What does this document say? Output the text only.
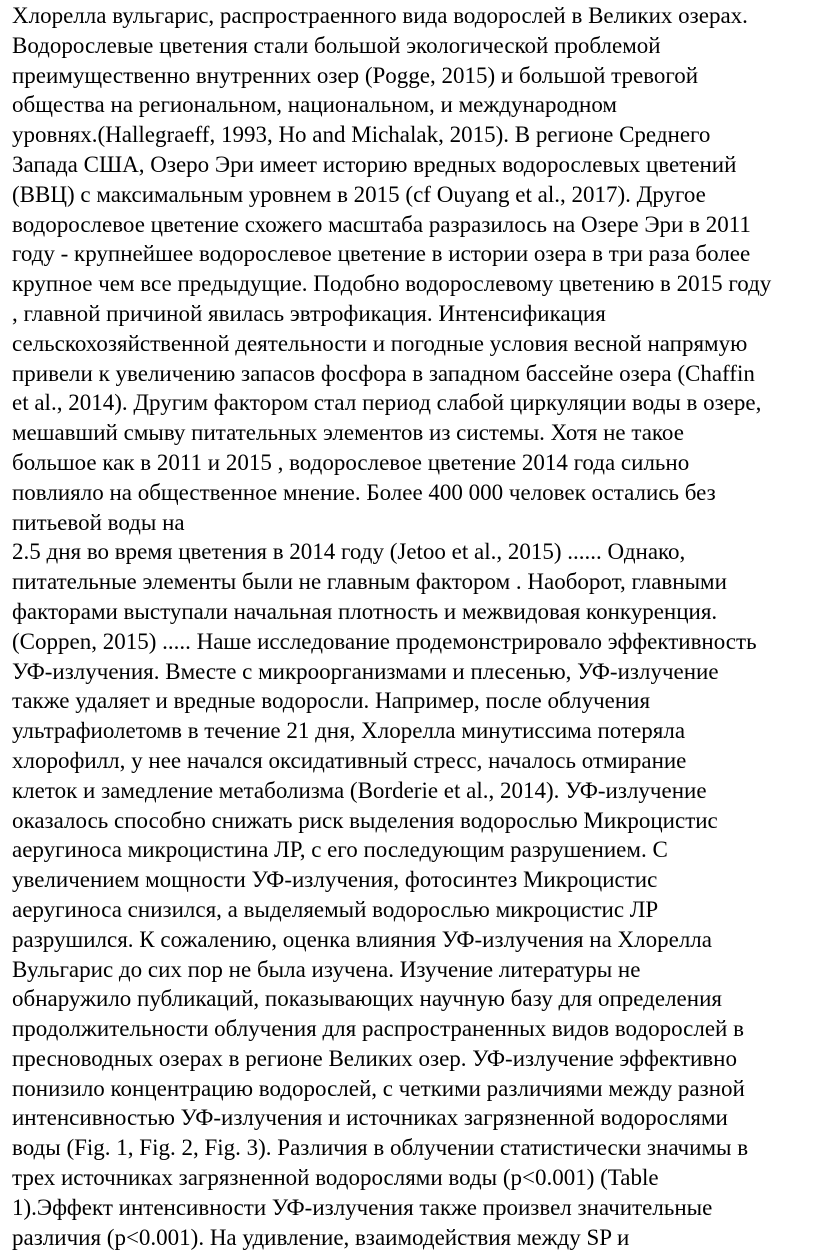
Хлорелла вульгарис, распростраенного вида водорослей в Великих озерах.
Водорослевые цветения стали большой экологической проблемой
преимущественно внутренних озер (Pogge, 2015) и большой тревогой
общества на региональном, национальном, и международном
уровнях.(Hallegraeff, 1993, Ho and Michalak, 2015). В регионе Среднего
Запада США, Озеро Эри имеет историю вредных водорослевых цветений
(ВВЦ) с максимальным уровнем в 2015 (cf Ouyang et al., 2017). Другое
водорослевое цветение схожего масштаба разразилось на Озере Эри в 2011
году - крупнейшее водорослевое цветение в истории озера в три раза более
крупное чем все предыдущие. Подобно водорослевому цветению в 2015 году
, главной причиной явилась эвтрофикация. Интенсификация
сельскохозяйственной деятельности и погодные условия весной напрямую
привели к увеличению запасов фосфора в западном бассейне озера (Chaffin
et al., 2014). Другим фактором стал период слабой циркуляции воды в озере,
мешавший смыву питательных элементов из системы. Хотя не такое
большое как в 2011 и 2015 , водорослевое цветение 2014 года сильно
повлияло на общественное мнение. Более 400 000 человек остались без
питьевой воды на
2.5 дня во время цветения в 2014 году (Jetoo et al., 2015) ...... Однако,
питательные элементы были не главным фактором . Наоборот, главными
факторами выступали начальная плотность и межвидовая конкуренция.
(Coppen, 2015) ..... Наше исследование продемонстрировало эффективность
УФ-излучения. Вместе с микроорганизмами и плесенью, УФ-излучение
также удаляет и вредные водоросли. Например, после облучения
ультрафиолетомв в течение 21 дня, Хлорелла минутиссима потеряла
хлорофилл, у нее начался оксидативный стресс, началось отмирание
клеток и замедление метаболизма (Borderie et al., 2014). УФ-излучение
оказалось способно снижать риск выделения водорослью Микроцистис
аеругиноса микроцистина ЛР, с его последующим разрушением. С
увеличением мощности УФ-излучения, фотосинтез Микроцистис
аеругиноса снизился, а выделяемый водорослью микроцистис ЛР
разрушился. К сожалению, оценка влияния УФ-излучения на Хлорелла
Вульгарис до сих пор не была изучена. Изучение литературы не
обнаружило публикаций, показывающих научную базу для определения
продолжительности облучения для распространенных видов водорослей в
пресноводных озерах в регионе Великих озер. УФ-излучение эффективно
понизило концентрацию водорослей, с четкими различиями между разной
интенсивностью УФ-излучения и источниках загрязненной водорослями
воды (Fig. 1, Fig. 2, Fig. 3). Различия в облучении статистически значимы в
трех источниках загрязненной водорослями воды (p<0.001) (Table
1).Эффект интенсивности УФ-излучения также произвел значительные
различия (p<0.001). На удивление, взаимодействия между SP и
